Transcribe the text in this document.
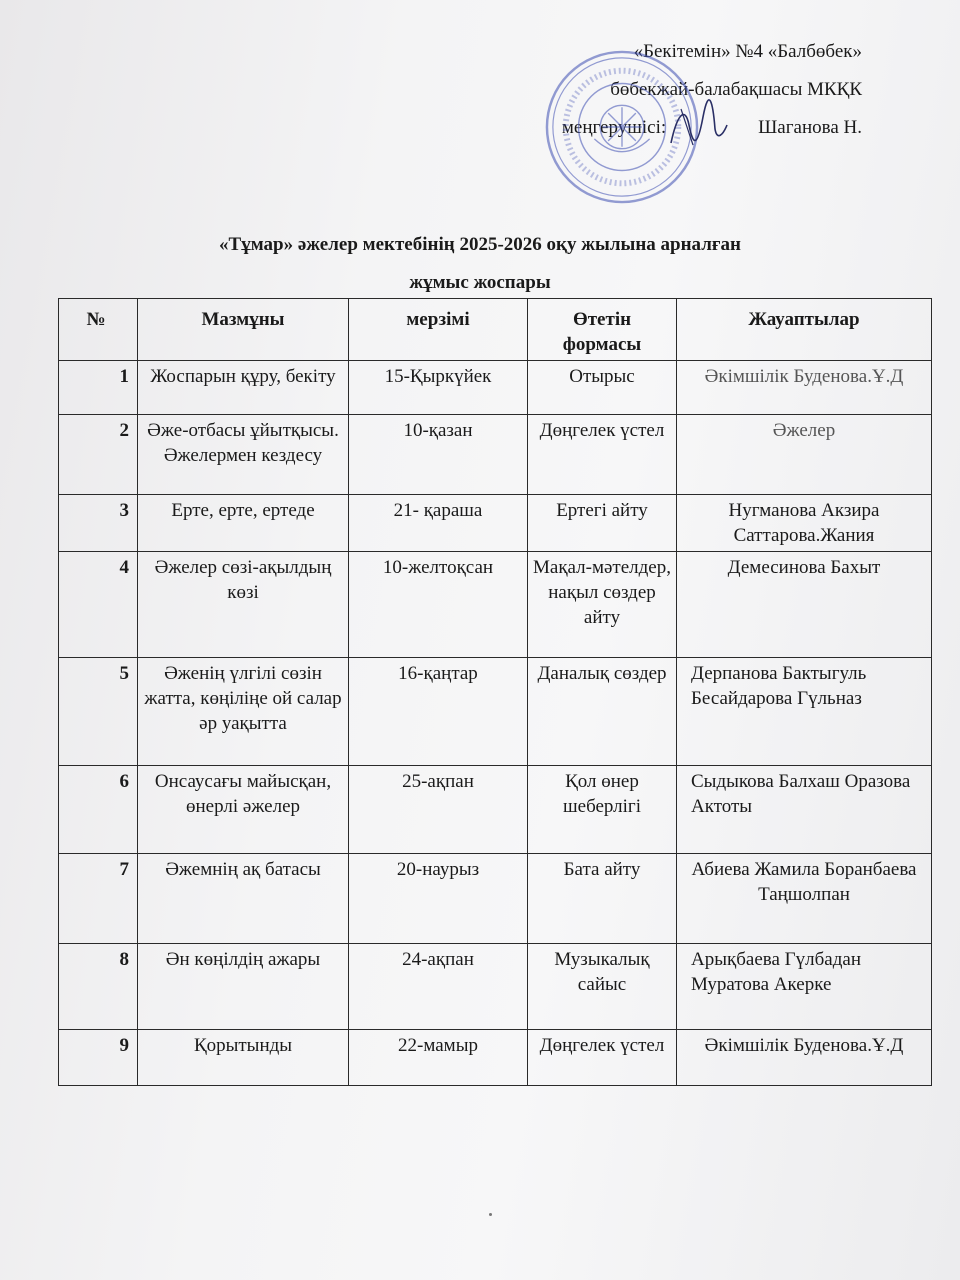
«Бекітемін» №4 «Балбөбек»
бөбекжай-балабақшасы МКҚК
меңгерушісі:	Шаганова Н.
«Тұмар» әжелер мектебінің 2025-2026 оқу жылына арналған
жұмыс жоспары
№	Мазмұны	мерзімі	Өтетін формасы	Жауаптылар
1	Жоспарын құру, бекіту	15-Қыркүйек	Отырыс	Әкімшілік Буденова.Ұ.Д
2	Әже-отбасы ұйытқысы. Әжелермен кездесу	10-қазан	Дөңгелек үстел	Әжелер
3	Ерте, ерте, ертеде	21- қараша	Ертегі айту	Нугманова Акзира Саттарова.Жания
4	Әжелер сөзі-ақылдың көзі	10-желтоқсан	Мақал-мәтелдер, нақыл сөздер айту	Демесинова Бахыт
5	Әженің үлгілі сөзін жатта, көңіліңе ой салар әр уақытта	16-қаңтар	Даналық сөздер	Дерпанова Бактыгуль Бесайдарова Гүльназ
6	Онсаусағы майысқан, өнерлі әжелер	25-ақпан	Қол өнер шеберлігі	Сыдыкова Балхаш Оразова Актоты
7	Әжемнің ақ батасы	20-наурыз	Бата айту	Абиева Жамила Боранбаева Таңшолпан
8	Ән көңілдің ажары	24-ақпан	Музыкалық сайыс	Арықбаева Гүлбадан Муратова Акерке
9	Қорытынды	22-мамыр	Дөңгелек үстел	Әкімшілік Буденова.Ұ.Д
